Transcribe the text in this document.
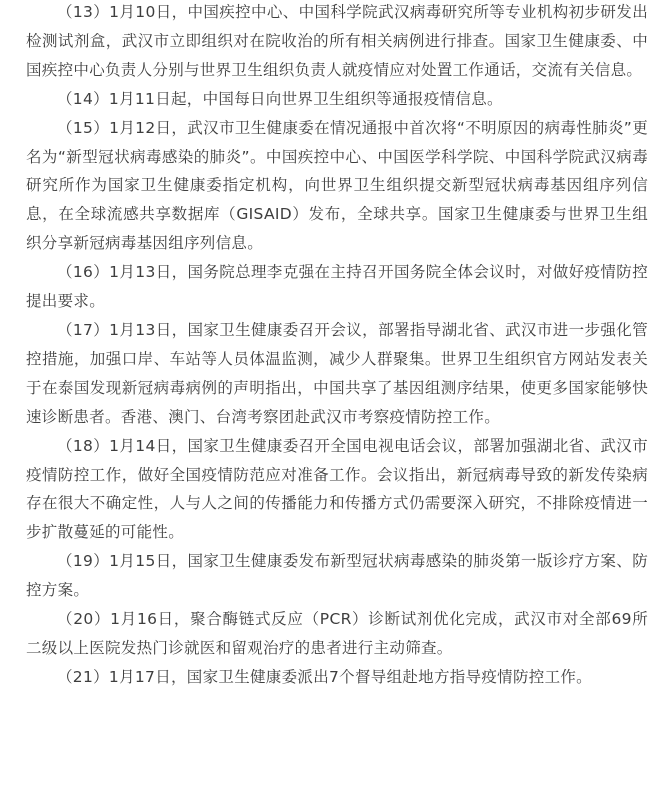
（13）1月10日，中国疾控中心、中国科学院武汉病毒研究所等专业机构初步研发出检测试剂盒，武汉市立即组织对在院收治的所有相关病例进行排查。国家卫生健康委、中国疾控中心负责人分别与世界卫生组织负责人就疫情应对处置工作通话，交流有关信息。

（14）1月11日起，中国每日向世界卫生组织等通报疫情信息。

（15）1月12日，武汉市卫生健康委在情况通报中首次将“不明原因的病毒性肺炎”更名为“新型冠状病毒感染的肺炎”。中国疾控中心、中国医学科学院、中国科学院武汉病毒研究所作为国家卫生健康委指定机构，向世界卫生组织提交新型冠状病毒基因组序列信息，在全球流感共享数据库（GISAID）发布，全球共享。国家卫生健康委与世界卫生组织分享新冠病毒基因组序列信息。

（16）1月13日，国务院总理李克强在主持召开国务院全体会议时，对做好疫情防控提出要求。

（17）1月13日，国家卫生健康委召开会议，部署指导湖北省、武汉市进一步强化管控措施，加强口岸、车站等人员体温监测，减少人群聚集。世界卫生组织官方网站发表关于在泰国发现新冠病毒病例的声明指出，中国共享了基因组测序结果，使更多国家能够快速诊断患者。香港、澳门、台湾考察团赴武汉市考察疫情防控工作。

（18）1月14日，国家卫生健康委召开全国电视电话会议，部署加强湖北省、武汉市疫情防控工作，做好全国疫情防范应对准备工作。会议指出，新冠病毒导致的新发传染病存在很大不确定性，人与人之间的传播能力和传播方式仍需要深入研究，不排除疫情进一步扩散蔓延的可能性。

（19）1月15日，国家卫生健康委发布新型冠状病毒感染的肺炎第一版诊疗方案、防控方案。

（20）1月16日，聚合酶链式反应（PCR）诊断试剂优化完成，武汉市对全部69所二级以上医院发热门诊就医和留观治疗的患者进行主动筛查。

（21）1月17日，国家卫生健康委派出7个督导组赴地方指导疫情防控工作。
